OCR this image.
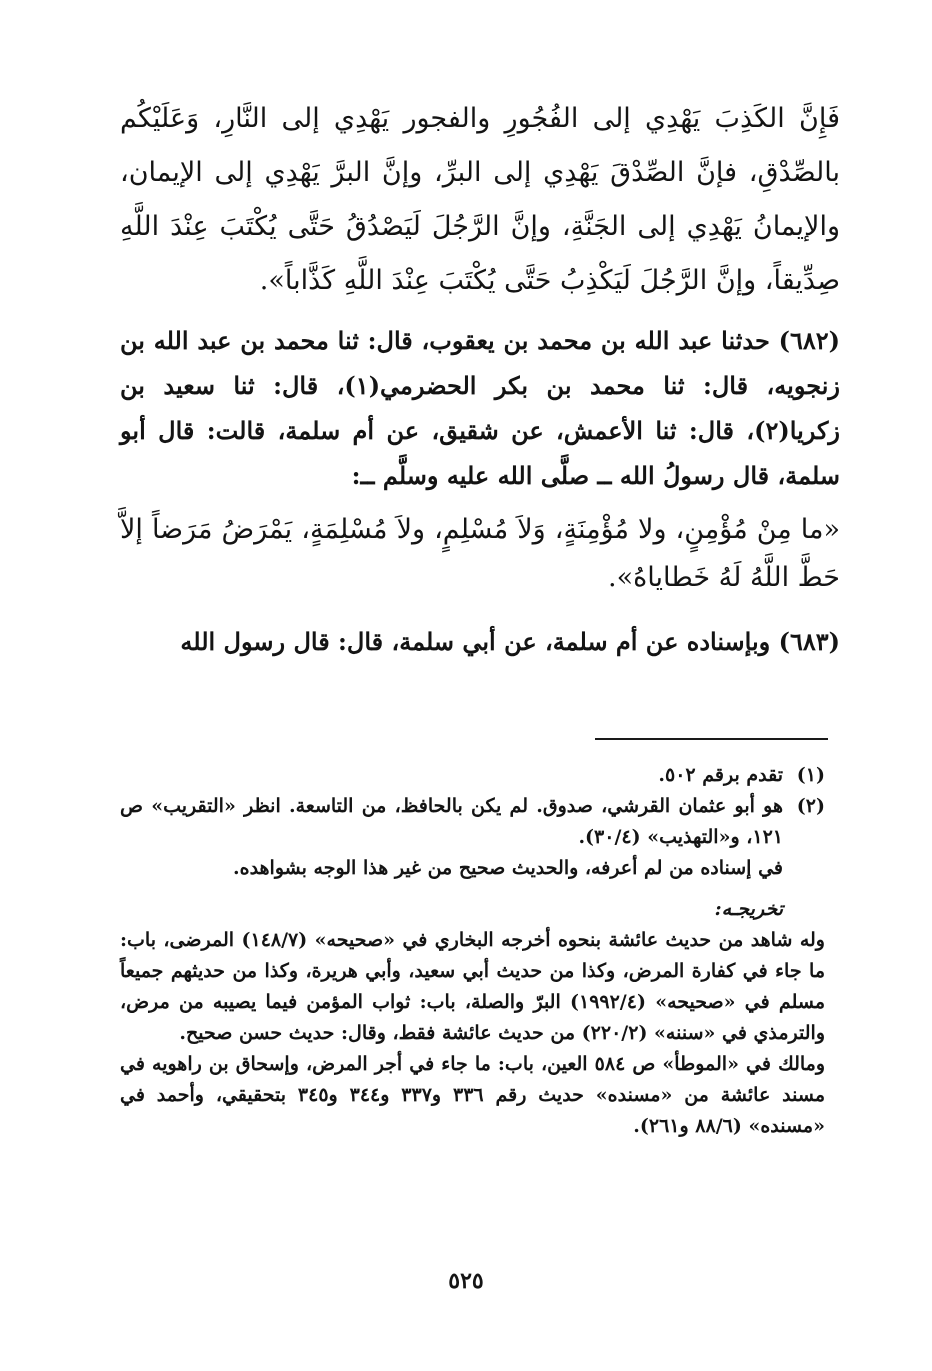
فَإِنَّ الكَذِبَ يَهْدِي إلى الفُجُورِ والفجور يَهْدِي إلى النَّارِ، وَعَلَيْكُم بالصِّدْقِ، فإنَّ الصِّدْقَ يَهْدِي إلى البرِّ، وإنَّ البرَّ يَهْدِي إلى الإيمان، والإيمانُ يَهْدِي إلى الجَنَّةِ، وإنَّ الرَّجُلَ لَيَصْدُقُ حَتَّى يُكْتَبَ عِنْدَ اللَّهِ صِدِّيقاً، وإنَّ الرَّجُلَ لَيَكْذِبُ حَتَّى يُكْتَبَ عِنْدَ اللَّهِ كَذَّاباً».

(٦٨٢) حدثنا عبد الله بن محمد بن يعقوب، قال: ثنا محمد بن عبد الله بن زنجويه، قال: ثنا محمد بن بكر الحضرمي(١)، قال: ثنا سعيد بن زكريا(٢)، قال: ثنا الأعمش، عن شقيق، عن أم سلمة، قالت: قال أبو سلمة، قال رسولُ الله ــ صلَّى الله عليه وسلَّم ــ:

«ما مِنْ مُؤْمِنٍ، ولا مُؤْمِنَةٍ، وَلاَ مُسْلِمٍ، ولاَ مُسْلِمَةٍ، يَمْرَضُ مَرَضاً إلاَّ حَطَّ اللَّهُ لَهُ خَطاياهُ».

(٦٨٣) وبإسناده عن أم سلمة، عن أبي سلمة، قال: قال رسول الله

(١)
تقدم برقم ٥٠٢.

(٢)
هو أبو عثمان القرشي، صدوق. لم يكن بالحافظ، من التاسعة. انظر «التقريب» ص ١٢١، و«التهذيب» (٣٠/٤).

في إسناده من لم أعرفه، والحديث صحيح من غير هذا الوجه بشواهده.

تخريجـه:

وله شاهد من حديث عائشة بنحوه أخرجه البخاري في «صحيحه» (١٤٨/٧) المرضى، باب: ما جاء في كفارة المرض، وكذا من حديث أبي سعيد، وأبي هريرة، وكذا من حديثهم جميعاً مسلم في «صحيحه» (١٩٩٢/٤) البرّ والصلة، باب: ثواب المؤمن فيما يصيبه من مرض، والترمذي في «سننه» (٢٢٠/٢) من حديث عائشة فقط، وقال: حديث حسن صحيح.

ومالك في «الموطأ» ص ٥٨٤ العين، باب: ما جاء في أجر المرض، وإسحاق بن راهويه في مسند عائشة من «مسنده» حديث رقم ٣٣٦ و٣٣٧ و٣٤٤ و٣٤٥ بتحقيقي، وأحمد في «مسنده» (٨٨/٦ و٢٦١).

٥٢٥
